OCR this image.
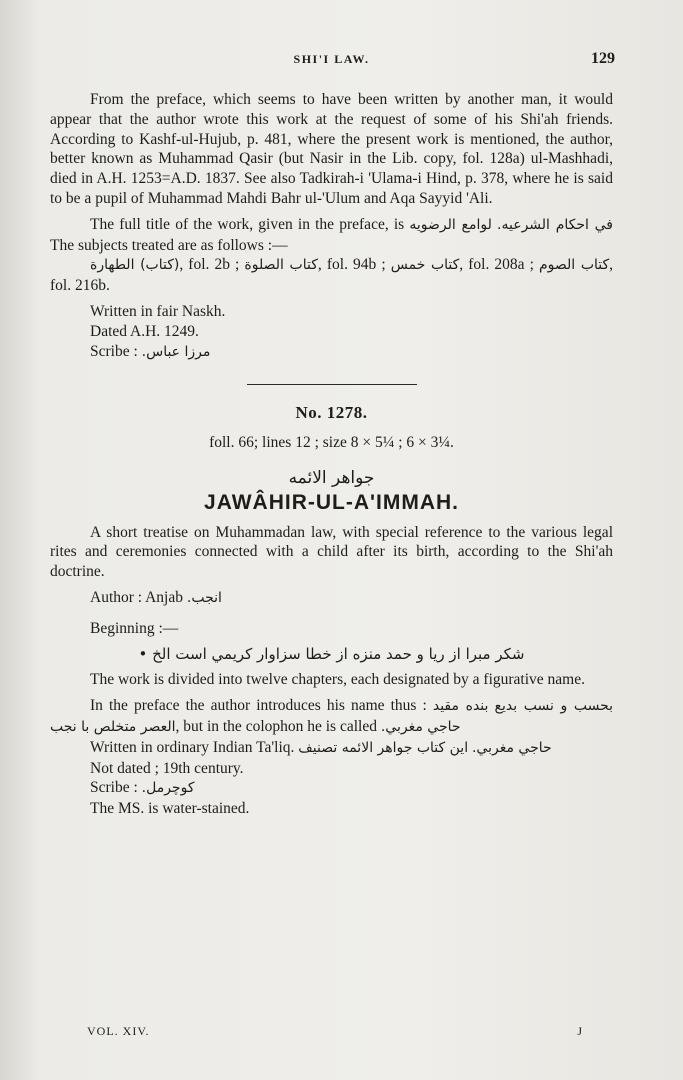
SHI'I LAW.	129

From the preface, which seems to have been written by another man, it would appear that the author wrote this work at the request of some of his Shi'ah friends. According to Kashf-ul-Hujub, p. 481, where the present work is mentioned, the author, better known as Muhammad Qasir (but Nasir in the Lib. copy, fol. 128a) ul-Mashhadi, died in A.H. 1253=A.D. 1837. See also Tadkirah-i 'Ulama-i Hind, p. 378, where he is said to be a pupil of Muhammad Mahdi Bahr ul-'Ulum and Aqa Sayyid 'Ali.

The full title of the work, given in the preface, is لوامع الرضويه في احكام الشرعيه. The subjects treated are as follows :—

(كتاب) الطهارة, fol. 2b ; كتاب الصلوة, fol. 94b ; كتاب خمس, fol. 208a ; كتاب الصوم, fol. 216b.

Written in fair Naskh.
Dated A.H. 1249.
Scribe : مرزا عباس.
No. 1278.
foll. 66; lines 12 ; size 8 × 5¼ ; 6 × 3¼.
جواهر الائمه
JAWÂHIR-UL-A'IMMAH.

A short treatise on Muhammadan law, with special reference to the various legal rites and ceremonies connected with a child after its birth, according to the Shi'ah doctrine.

Author : Anjab انجب.
Beginning :—
شکر مبرا از ریا و حمد منزه از خطا سزاوار کریمي است الخ •

The work is divided into twelve chapters, each designated by a figurative name.

In the preface the author introduces his name thus : بنده مقید بحسب و نسب بدیع العصر متخلص با نجب, but in the colophon he is called حاجي مغربي.

Written in ordinary Indian Ta'liq. این کتاب جواهر الائمه تصنیف حاجي مغربي.

Not dated ; 19th century.
Scribe : کوچرمل.
The MS. is water-stained.
VOL. XIV.	J
